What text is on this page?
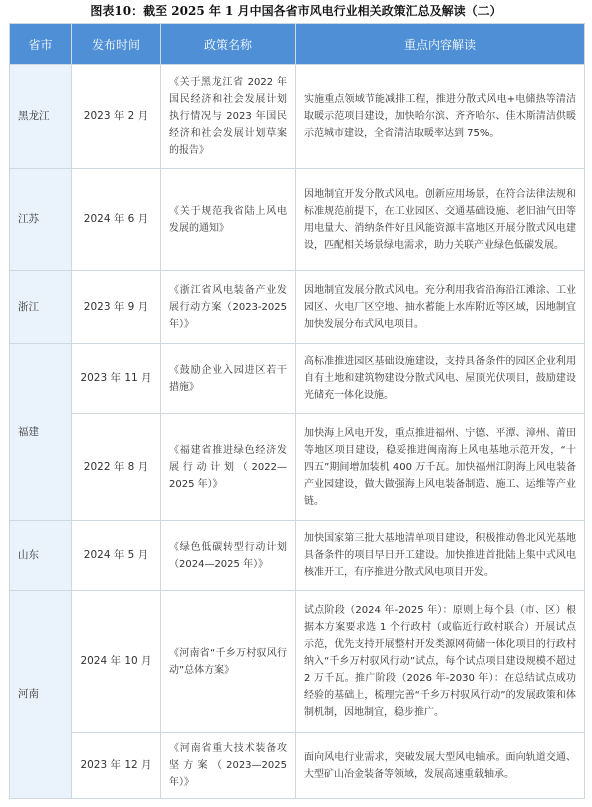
图表10：截至 2025 年 1 月中国各省市风电行业相关政策汇总及解读（二）
省市	发布时间	政策名称	重点内容解读
黑龙江	2023 年 2 月	《关于黑龙江省 2022 年国民经济和社会发展计划执行情况与 2023 年国民经济和社会发展计划草案的报告》	实施重点领域节能减排工程，推进分散式风电+电储热等清洁取暖示范项目建设，加快哈尔滨、齐齐哈尔、佳木斯清洁供暖示范城市建设，全省清洁取暖率达到 75%。
江苏	2024 年 6 月	《关于规范我省陆上风电发展的通知》	因地制宜开发分散式风电。创新应用场景，在符合法律法规和标准规范前提下，在工业园区、交通基础设施、老旧油气田等用电量大、消纳条件好且风能资源丰富地区开展分散式风电建设，匹配相关场景绿电需求，助力关联产业绿色低碳发展。
浙江	2023 年 9 月	《浙江省风电装备产业发展行动方案（2023-2025 年）》	因地制宜发展分散式风电。充分利用我省沿海沿江滩涂、工业园区、火电厂区空地、抽水蓄能上水库附近等区域，因地制宜加快发展分布式风电项目。
福建	2023 年 11 月	《鼓励企业入园进区若干措施》	高标准推进园区基础设施建设，支持具备条件的园区企业利用自有土地和建筑物建设分散式风电、屋顶光伏项目，鼓励建设光储充一体化设施。
	2022 年 8 月	《福建省推进绿色经济发展行动计划（2022—2025 年）》	加快海上风电开发，重点推进福州、宁德、平潭、漳州、莆田等地区项目建设，稳妥推进闽南海上风电基地示范开发，“十四五”期间增加装机 400 万千瓦。加快福州江阴海上风电装备产业园建设，做大做强海上风电装备制造、施工、运维等产业链。
山东	2024 年 5 月	《绿色低碳转型行动计划（2024—2025 年）》	加快国家第三批大基地清单项目建设，积极推动鲁北风光基地具备条件的项目早日开工建设。加快推进首批陆上集中式风电核准开工，有序推进分散式风电项目开发。
河南	2024 年 10 月	《河南省“千乡万村驭风行动”总体方案》	试点阶段（2024 年-2025 年）：原则上每个县（市、区）根据本方案要求选 1 个行政村（或临近行政村联合）开展试点示范，优先支持开展整村开发类源网荷储一体化项目的行政村纳入“千乡万村驭风行动”试点，每个试点项目建设规模不超过 2 万千瓦。推广阶段（2026 年-2030 年）：在总结试点成功经验的基础上，梳理完善“千乡万村驭风行动”的发展政策和体制机制，因地制宜，稳步推广。
	2023 年 12 月	《河南省重大技术装备攻坚方案（2023—2025 年）》	面向风电行业需求，突破发展大型风电轴承。面向轨道交通、大型矿山冶金装备等领域，发展高速重载轴承。
